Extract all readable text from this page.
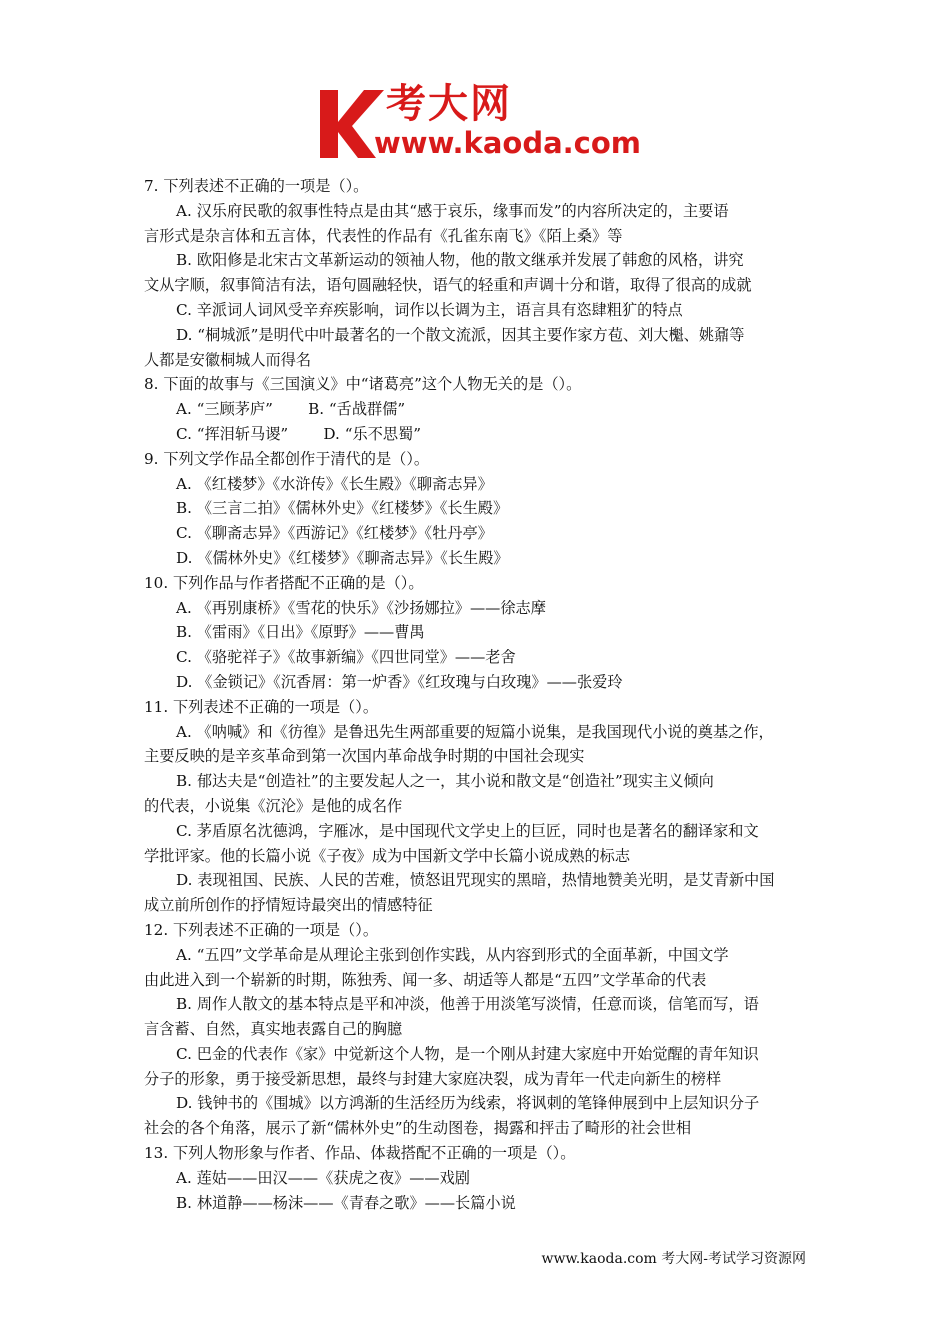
考大网
www.kaoda.com
7. 下列表述不正确的一项是（）。
A. 汉乐府民歌的叙事性特点是由其“感于哀乐，缘事而发”的内容所决定的，主要语
言形式是杂言体和五言体，代表性的作品有《孔雀东南飞》《陌上桑》等
B. 欧阳修是北宋古文革新运动的领袖人物，他的散文继承并发展了韩愈的风格，讲究
文从字顺，叙事简洁有法，语句圆融轻快，语气的轻重和声调十分和谐，取得了很高的成就
C. 辛派词人词风受辛弃疾影响，词作以长调为主，语言具有恣肆粗犷的特点
D. “桐城派”是明代中叶最著名的一个散文流派，因其主要作家方苞、刘大櫆、姚鼐等
人都是安徽桐城人而得名
8. 下面的故事与《三国演义》中“诸葛亮”这个人物无关的是（）。
A. “三顾茅庐”　　 B. “舌战群儒”
C. “挥泪斩马谡”　　 D. “乐不思蜀”
9. 下列文学作品全都创作于清代的是（）。
A. 《红楼梦》《水浒传》《长生殿》《聊斋志异》
B. 《三言二拍》《儒林外史》《红楼梦》《长生殿》
C. 《聊斋志异》《西游记》《红楼梦》《牡丹亭》
D. 《儒林外史》《红楼梦》《聊斋志异》《长生殿》
10. 下列作品与作者搭配不正确的是（）。
A. 《再别康桥》《雪花的快乐》《沙扬娜拉》——徐志摩
B. 《雷雨》《日出》《原野》——曹禺
C. 《骆驼祥子》《故事新编》《四世同堂》——老舍
D. 《金锁记》《沉香屑：第一炉香》《红玫瑰与白玫瑰》——张爱玲
11. 下列表述不正确的一项是（）。
A. 《呐喊》和《彷徨》是鲁迅先生两部重要的短篇小说集，是我国现代小说的奠基之作，
主要反映的是辛亥革命到第一次国内革命战争时期的中国社会现实
B. 郁达夫是“创造社”的主要发起人之一，其小说和散文是“创造社”现实主义倾向
的代表，小说集《沉沦》是他的成名作
C. 茅盾原名沈德鸿，字雁冰，是中国现代文学史上的巨匠，同时也是著名的翻译家和文
学批评家。他的长篇小说《子夜》成为中国新文学中长篇小说成熟的标志
D. 表现祖国、民族、人民的苦难，愤怒诅咒现实的黑暗，热情地赞美光明，是艾青新中国
成立前所创作的抒情短诗最突出的情感特征
12. 下列表述不正确的一项是（）。
A. “五四”文学革命是从理论主张到创作实践，从内容到形式的全面革新，中国文学
由此进入到一个崭新的时期，陈独秀、闻一多、胡适等人都是“五四”文学革命的代表
B. 周作人散文的基本特点是平和冲淡，他善于用淡笔写淡情，任意而谈，信笔而写，语
言含蓄、自然，真实地表露自己的胸臆
C. 巴金的代表作《家》中觉新这个人物，是一个刚从封建大家庭中开始觉醒的青年知识
分子的形象，勇于接受新思想，最终与封建大家庭决裂，成为青年一代走向新生的榜样
D. 钱钟书的《围城》以方鸿渐的生活经历为线索，将讽刺的笔锋伸展到中上层知识分子
社会的各个角落，展示了新“儒林外史”的生动图卷，揭露和抨击了畸形的社会世相
13. 下列人物形象与作者、作品、体裁搭配不正确的一项是（）。
A. 莲姑——田汉——《获虎之夜》——戏剧
B. 林道静——杨沫——《青春之歌》——长篇小说
www.kaoda.com 考大网-考试学习资源网
